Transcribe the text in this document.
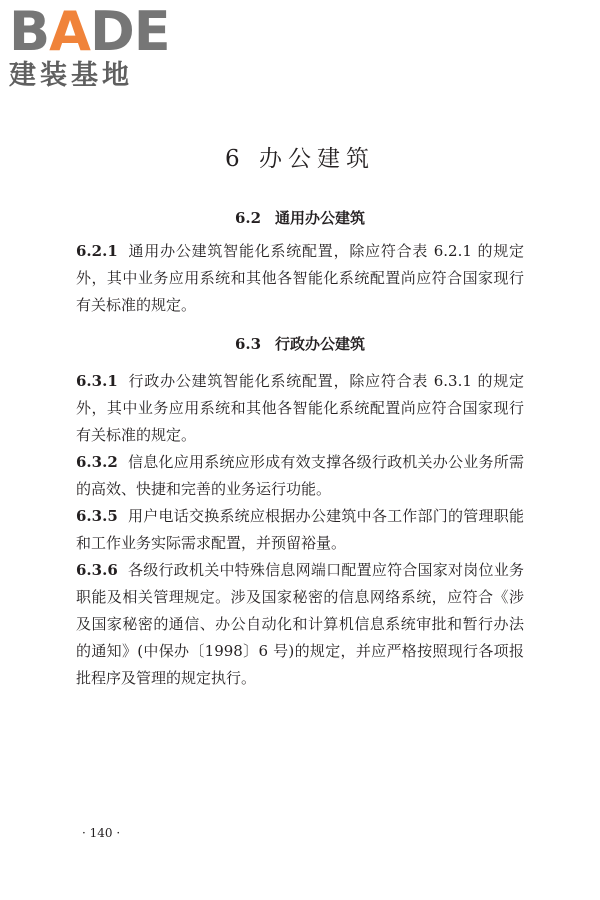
BADE
建装基地
6 办公建筑
6.2 通用办公建筑

6.2.1 通用办公建筑智能化系统配置，除应符合表 6.2.1 的规定外，其中业务应用系统和其他各智能化系统配置尚应符合国家现行有关标准的规定。

6.3 行政办公建筑

6.3.1 行政办公建筑智能化系统配置，除应符合表 6.3.1 的规定外，其中业务应用系统和其他各智能化系统配置尚应符合国家现行有关标准的规定。

6.3.2 信息化应用系统应形成有效支撑各级行政机关办公业务所需的高效、快捷和完善的业务运行功能。

6.3.5 用户电话交换系统应根据办公建筑中各工作部门的管理职能和工作业务实际需求配置，并预留裕量。

6.3.6 各级行政机关中特殊信息网端口配置应符合国家对岗位业务职能及相关管理规定。涉及国家秘密的信息网络系统，应符合《涉及国家秘密的通信、办公自动化和计算机信息系统审批和暂行办法的通知》(中保办〔1998〕6 号)的规定，并应严格按照现行各项报批程序及管理的规定执行。

· 140 ·
